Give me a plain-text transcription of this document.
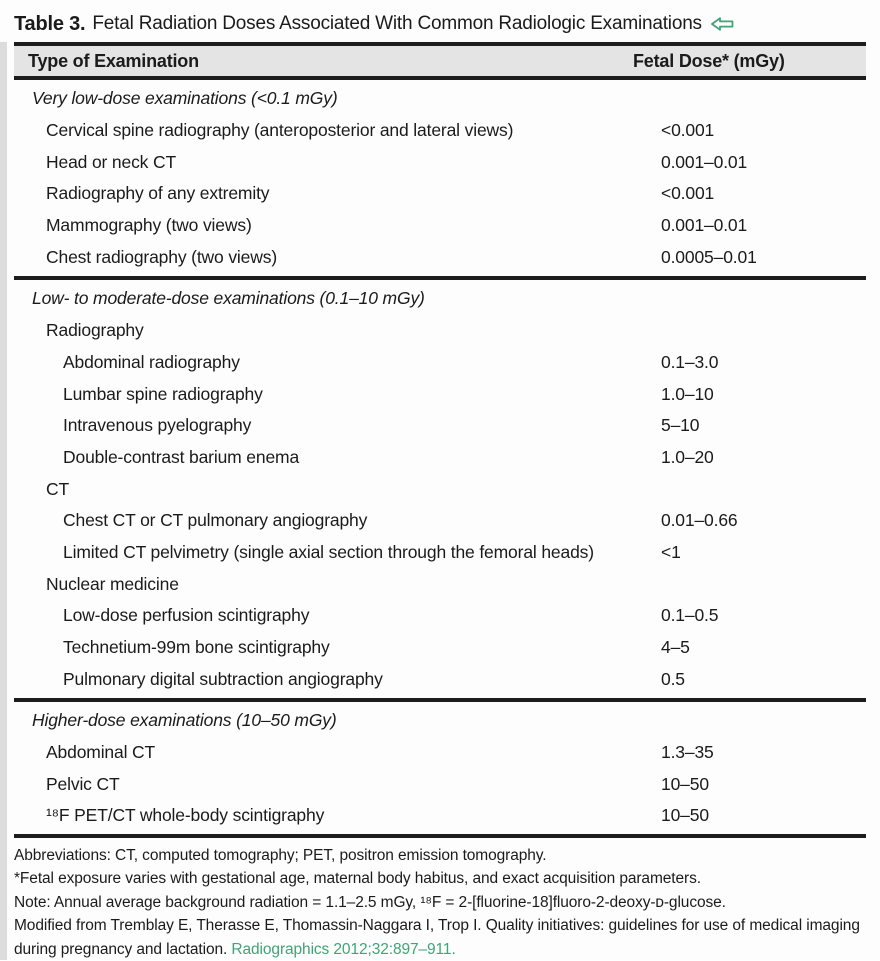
Table 3. Fetal Radiation Doses Associated With Common Radiologic Examinations
Type of Examination	Fetal Dose* (mGy)
Very low-dose examinations (<0.1 mGy)
Cervical spine radiography (anteroposterior and lateral views)	<0.001
Head or neck CT	0.001–0.01
Radiography of any extremity	<0.001
Mammography (two views)	0.001–0.01
Chest radiography (two views)	0.0005–0.01
Low- to moderate-dose examinations (0.1–10 mGy)
Radiography
Abdominal radiography	0.1–3.0
Lumbar spine radiography	1.0–10
Intravenous pyelography	5–10
Double-contrast barium enema	1.0–20
CT
Chest CT or CT pulmonary angiography	0.01–0.66
Limited CT pelvimetry (single axial section through the femoral heads)	<1
Nuclear medicine
Low-dose perfusion scintigraphy	0.1–0.5
Technetium-99m bone scintigraphy	4–5
Pulmonary digital subtraction angiography	0.5
Higher-dose examinations (10–50 mGy)
Abdominal CT	1.3–35
Pelvic CT	10–50
¹⁸F PET/CT whole-body scintigraphy	10–50
Abbreviations: CT, computed tomography; PET, positron emission tomography.
*Fetal exposure varies with gestational age, maternal body habitus, and exact acquisition parameters.
Note: Annual average background radiation = 1.1–2.5 mGy, ¹⁸F = 2-[fluorine-18]fluoro-2-deoxy-ᴅ-glucose.
Modified from Tremblay E, Therasse E, Thomassin-Naggara I, Trop I. Quality initiatives: guidelines for use of medical imaging during pregnancy and lactation. Radiographics 2012;32:897–911.
